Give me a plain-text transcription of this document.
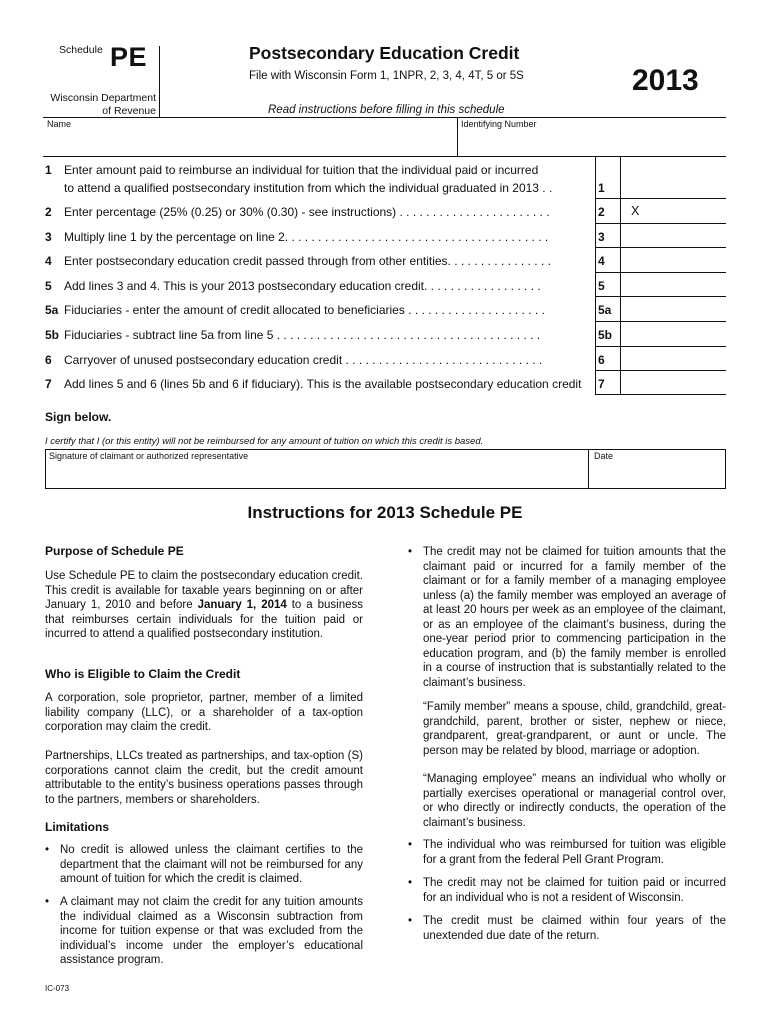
Schedule PE
Wisconsin Department
of Revenue
Postsecondary Education Credit
File with Wisconsin Form 1, 1NPR, 2, 3, 4, 4T, 5 or 5S	2013
Read instructions before filling in this schedule
Name	Identifying Number
1 Enter amount paid to reimburse an individual for tuition that the individual paid or incurred
to attend a qualified postsecondary institution from which the individual graduated in 2013 . .	1
2 Enter percentage (25% (0.25) or 30% (0.30) - see instructions) . . . . . . . . . . . . . . . . . . . . . . .	2 X
3 Multiply line 1 by the percentage on line 2. . . . . . . . . . . . . . . . . . . . . . . . . . . . . . . . . . . . . . . .	3
4 Enter postsecondary education credit passed through from other entities. . . . . . . . . . . . . . . .	4
5 Add lines 3 and 4. This is your 2013 postsecondary education credit. . . . . . . . . . . . . . . . . .	5
5a Fiduciaries - enter the amount of credit allocated to beneficiaries . . . . . . . . . . . . . . . . . . . . .	5a
5b Fiduciaries - subtract line 5a from line 5 . . . . . . . . . . . . . . . . . . . . . . . . . . . . . . . . . . . . . . . .	5b
6 Carryover of unused postsecondary education credit . . . . . . . . . . . . . . . . . . . . . . . . . . . . . .	6
7 Add lines 5 and 6 (lines 5b and 6 if fiduciary). This is the available postsecondary education credit 7
Sign below.
I certify that I (or this entity) will not be reimbursed for any amount of tuition on which this credit is based.
Signature of claimant or authorized representative	Date
Instructions for 2013 Schedule PE
Purpose of Schedule PE
Use Schedule PE to claim the postsecondary education credit. This credit is available for taxable years beginning on or after January 1, 2010 and before January 1, 2014 to a business that reimburses certain individuals for the tuition paid or incurred to attend a qualified postsecondary institution.
Who is Eligible to Claim the Credit
A corporation, sole proprietor, partner, member of a limited liability company (LLC), or a shareholder of a tax-option corporation may claim the credit.
Partnerships, LLCs treated as partnerships, and tax-option (S) corporations cannot claim the credit, but the credit amount attributable to the entity’s business operations passes through to the partners, members or shareholders.
Limitations
• No credit is allowed unless the claimant certifies to the department that the claimant will not be reimbursed for any amount of tuition for which the credit is claimed.
• A claimant may not claim the credit for any tuition amounts the individual claimed as a Wisconsin subtraction from income for tuition expense or that was excluded from the individual’s income under the employer’s educational assistance program.
• The credit may not be claimed for tuition amounts that the claimant paid or incurred for a family member of the claimant or for a family member of a managing employee unless (a) the family member was employed an average of at least 20 hours per week as an employee of the claimant, or as an employee of the claimant’s business, during the one-year period prior to commencing participation in the education program, and (b) the family member is enrolled in a course of instruction that is substantially related to the claimant’s business.
“Family member” means a spouse, child, grandchild, great-grandchild, parent, brother or sister, nephew or niece, grandparent, great-grandparent, or aunt or uncle. The person may be related by blood, marriage or adoption.
“Managing employee” means an individual who wholly or partially exercises operational or managerial control over, or who directly or indirectly conducts, the operation of the claimant’s business.
• The individual who was reimbursed for tuition was eligible for a grant from the federal Pell Grant Program.
• The credit may not be claimed for tuition paid or incurred for an individual who is not a resident of Wisconsin.
• The credit must be claimed within four years of the unextended due date of the return.
IC-073
